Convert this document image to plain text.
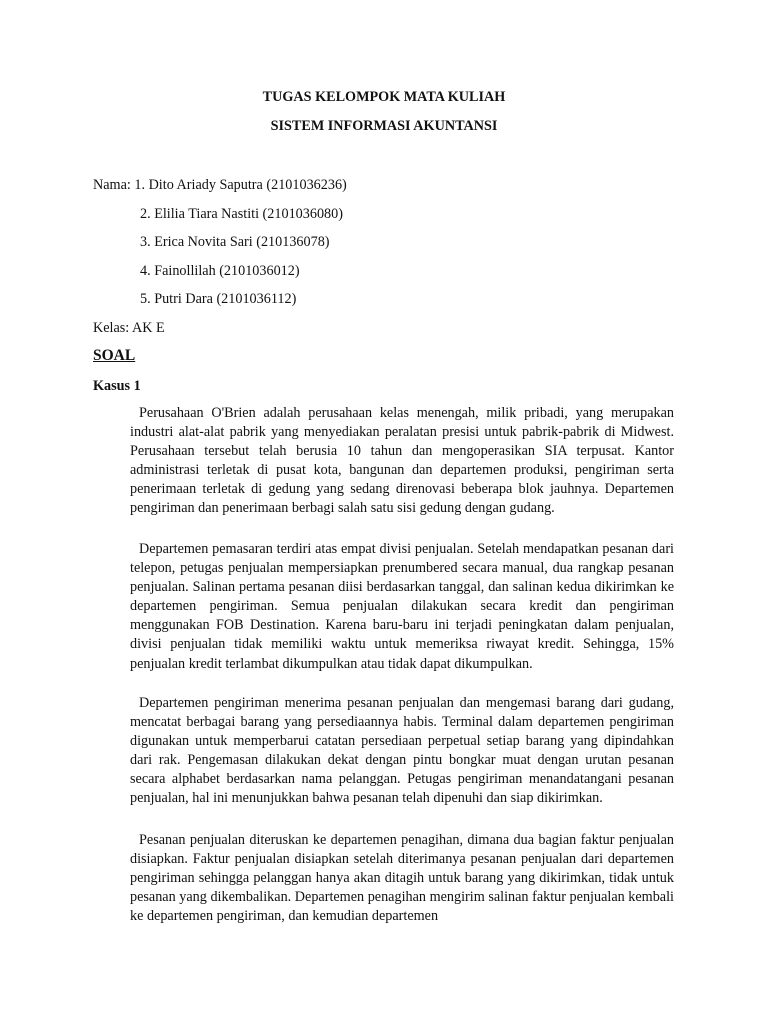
TUGAS KELOMPOK MATA KULIAH
SISTEM INFORMASI AKUNTANSI
Nama: 1. Dito Ariady Saputra (2101036236)
2. Elilia Tiara Nastiti (2101036080)
3. Erica Novita Sari (210136078)
4. Fainollilah (2101036012)
5. Putri Dara (2101036112)
Kelas: AK E
SOAL
Kasus 1

Perusahaan O'Brien adalah perusahaan kelas menengah, milik pribadi, yang merupakan industri alat-alat pabrik yang menyediakan peralatan presisi untuk pabrik-pabrik di Midwest. Perusahaan tersebut telah berusia 10 tahun dan mengoperasikan SIA terpusat. Kantor administrasi terletak di pusat kota, bangunan dan departemen produksi, pengiriman serta penerimaan terletak di gedung yang sedang direnovasi beberapa blok jauhnya. Departemen pengiriman dan penerimaan berbagi salah satu sisi gedung dengan gudang.

Departemen pemasaran terdiri atas empat divisi penjualan. Setelah mendapatkan pesanan dari telepon, petugas penjualan mempersiapkan prenumbered secara manual, dua rangkap pesanan penjualan. Salinan pertama pesanan diisi berdasarkan tanggal, dan salinan kedua dikirimkan ke departemen pengiriman. Semua penjualan dilakukan secara kredit dan pengiriman menggunakan FOB Destination. Karena baru-baru ini terjadi peningkatan dalam penjualan, divisi penjualan tidak memiliki waktu untuk memeriksa riwayat kredit. Sehingga, 15% penjualan kredit terlambat dikumpulkan atau tidak dapat dikumpulkan.

Departemen pengiriman menerima pesanan penjualan dan mengemasi barang dari gudang, mencatat berbagai barang yang persediaannya habis. Terminal dalam departemen pengiriman digunakan untuk memperbarui catatan persediaan perpetual setiap barang yang dipindahkan dari rak. Pengemasan dilakukan dekat dengan pintu bongkar muat dengan urutan pesanan secara alphabet berdasarkan nama pelanggan. Petugas pengiriman menandatangani pesanan penjualan, hal ini menunjukkan bahwa pesanan telah dipenuhi dan siap dikirimkan.

Pesanan penjualan diteruskan ke departemen penagihan, dimana dua bagian faktur penjualan disiapkan. Faktur penjualan disiapkan setelah diterimanya pesanan penjualan dari departemen pengiriman sehingga pelanggan hanya akan ditagih untuk barang yang dikirimkan, tidak untuk pesanan yang dikembalikan. Departemen penagihan mengirim salinan faktur penjualan kembali ke departemen pengiriman, dan kemudian departemen
